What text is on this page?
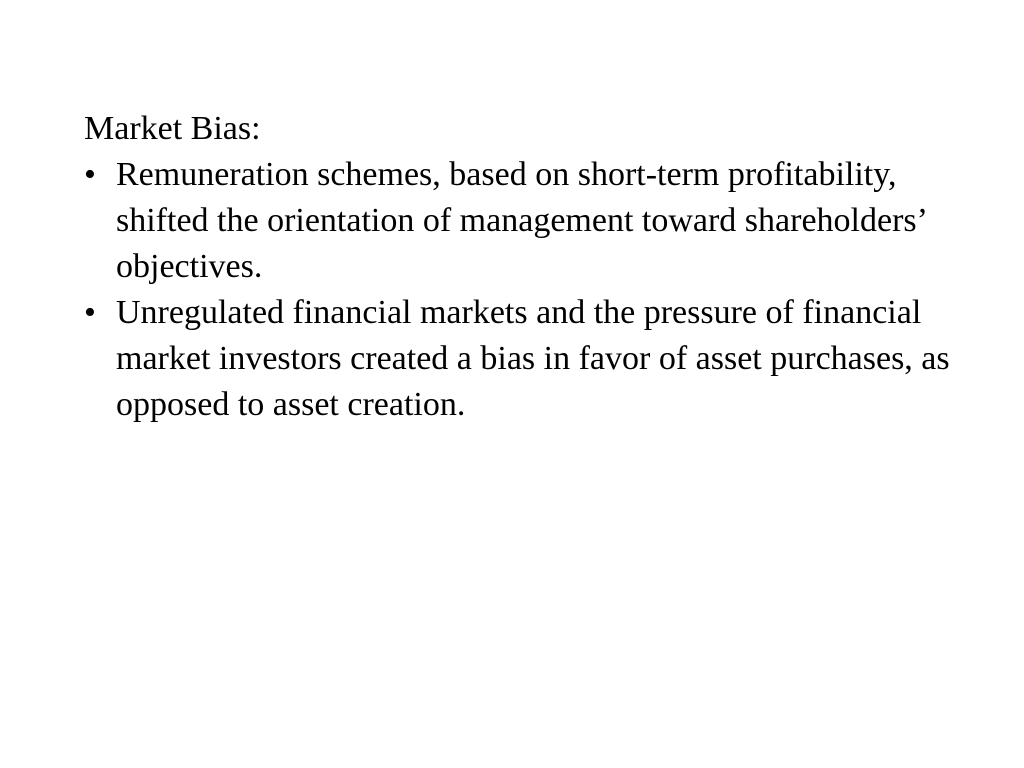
Market Bias:

• Remuneration schemes, based on short-term profitability, shifted the orientation of management toward shareholders’ objectives.
• Unregulated financial markets and the pressure of financial market investors created a bias in favor of asset purchases, as opposed to asset creation.
